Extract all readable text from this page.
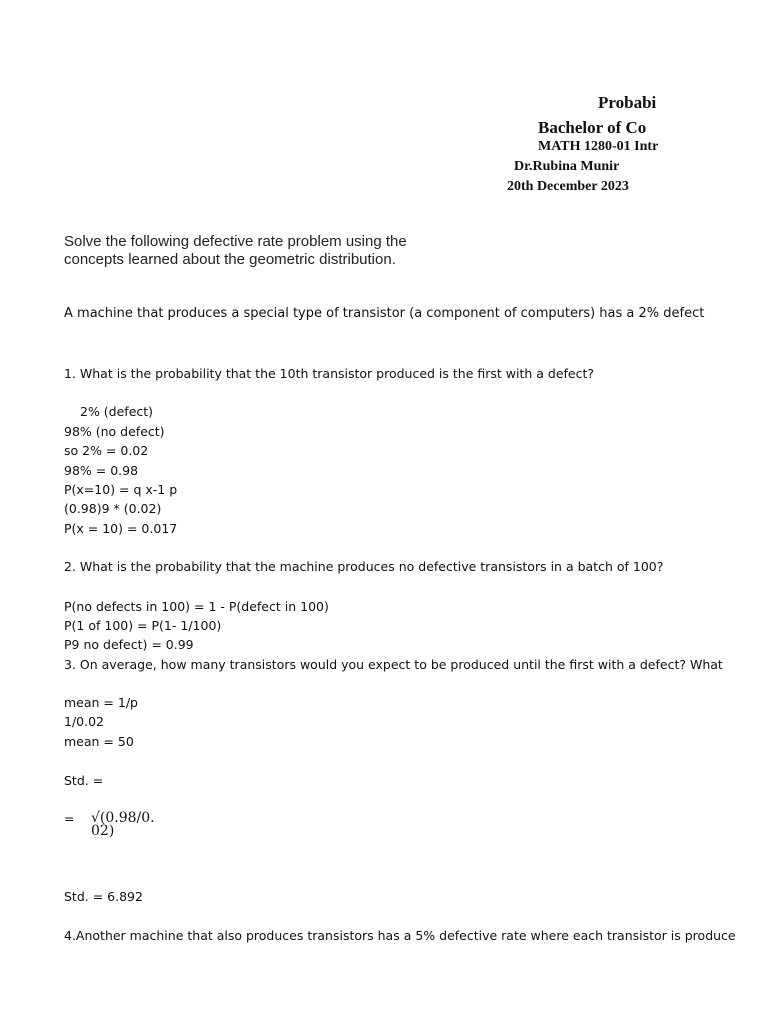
Probabi
Bachelor of Co
MATH 1280-01 Intr
Dr.Rubina Munir
20th December 2023
Solve the following defective rate problem using the
concepts learned about the geometric distribution.
A machine that produces a special type of transistor (a component of computers) has a 2% defect
1. What is the probability that the 10th transistor produced is the first with a defect?
2% (defect)
98% (no defect)
so 2% = 0.02
98% = 0.98
P(x=10) = q x-1 p
(0.98)9 * (0.02)
P(x = 10) = 0.017
2. What is the probability that the machine produces no defective transistors in a batch of 100?
P(no defects in 100) = 1 - P(defect in 100)
P(1 of 100) = P(1- 1/100)
P9 no defect) = 0.99
3. On average, how many transistors would you expect to be produced until the first with a defect? What
mean = 1/p
1/0.02
mean = 50
Std. =
= √(0.98/0.
02)
Std. = 6.892
4.Another machine that also produces transistors has a 5% defective rate where each transistor is produce
